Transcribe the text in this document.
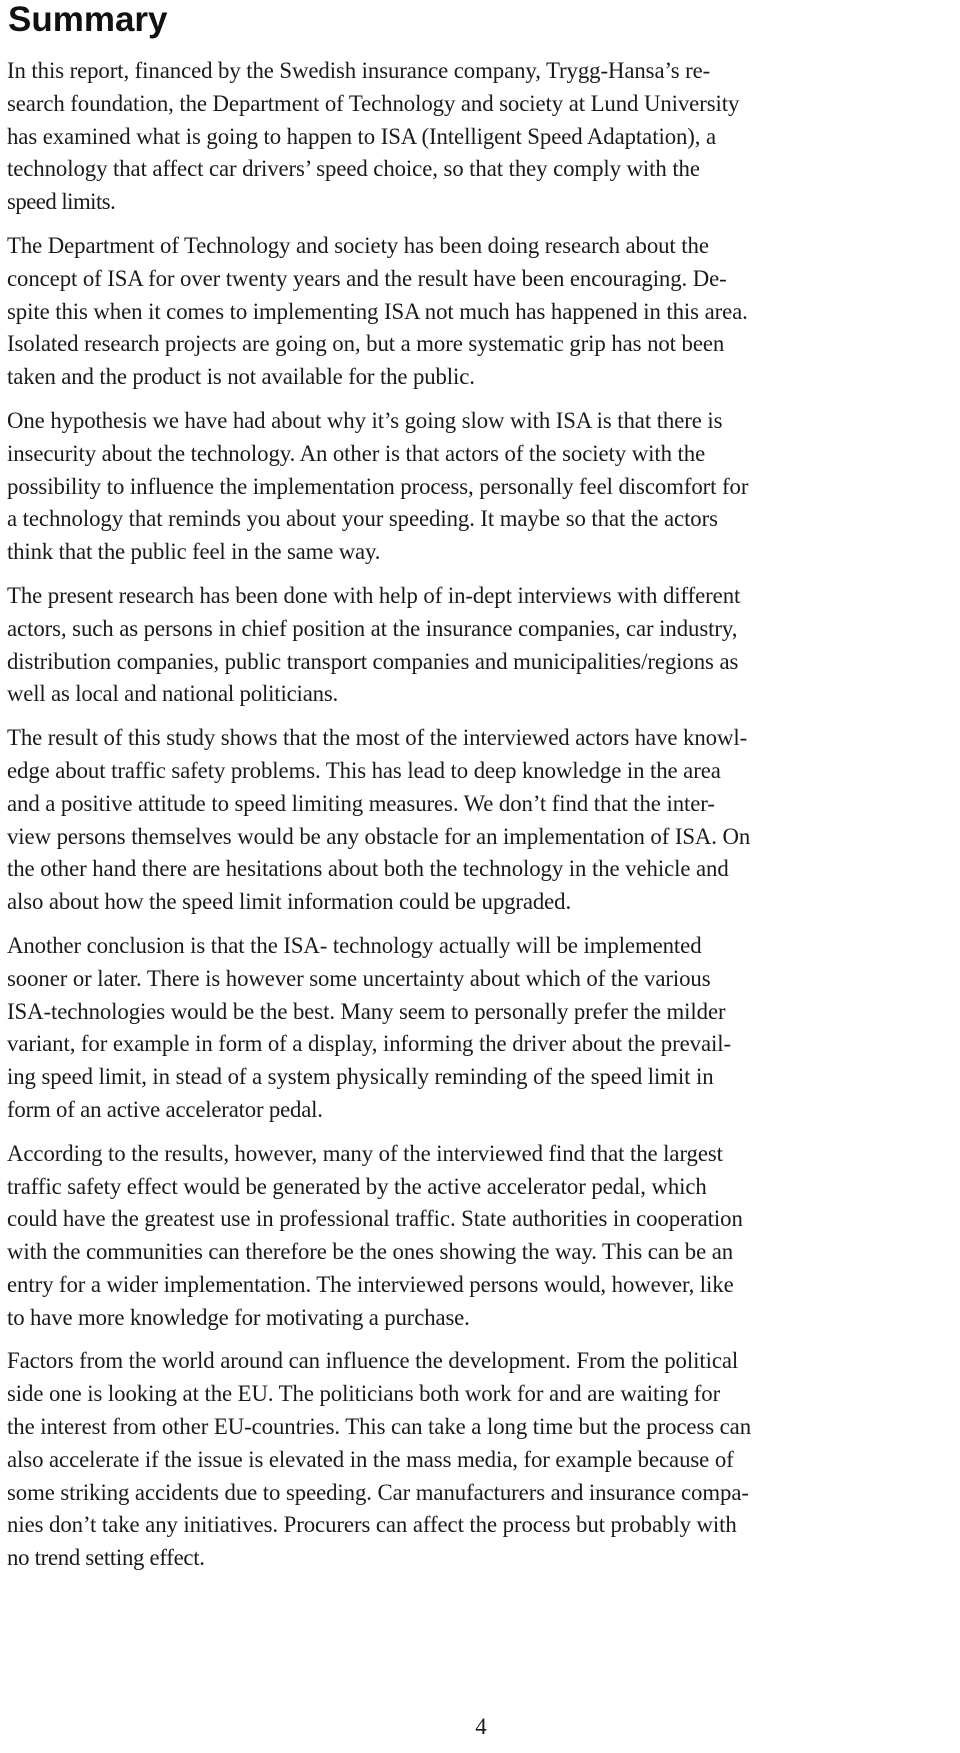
Summary

In this report, financed by the Swedish insurance company, Trygg-Hansa’s re-
search foundation, the Department of Technology and society at Lund University
has examined what is going to happen to ISA (Intelligent Speed Adaptation), a
technology that affect car drivers’ speed choice, so that they comply with the
speed limits.

The Department of Technology and society has been doing research about the
concept of ISA for over twenty years and the result have been encouraging. De-
spite this when it comes to implementing ISA not much has happened in this area.
Isolated research projects are going on, but a more systematic grip has not been
taken and the product is not available for the public.

One hypothesis we have had about why it’s going slow with ISA is that there is
insecurity about the technology. An other is that actors of the society with the
possibility to influence the implementation process, personally feel discomfort for
a technology that reminds you about your speeding. It maybe so that the actors
think that the public feel in the same way.

The present research has been done with help of in-dept interviews with different
actors, such as persons in chief position at the insurance companies, car industry,
distribution companies, public transport companies and municipalities/regions as
well as local and national politicians.

The result of this study shows that the most of the interviewed actors have knowl-
edge about traffic safety problems. This has lead to deep knowledge in the area
and a positive attitude to speed limiting measures. We don’t find that the inter-
view persons themselves would be any obstacle for an implementation of ISA. On
the other hand there are hesitations about both the technology in the vehicle and
also about how the speed limit information could be upgraded.

Another conclusion is that the ISA- technology actually will be implemented
sooner or later. There is however some uncertainty about which of the various
ISA-technologies would be the best. Many seem to personally prefer the milder
variant, for example in form of a display, informing the driver about the prevail-
ing speed limit, in stead of a system physically reminding of the speed limit in
form of an active accelerator pedal.

According to the results, however, many of the interviewed find that the largest
traffic safety effect would be generated by the active accelerator pedal, which
could have the greatest use in professional traffic. State authorities in cooperation
with the communities can therefore be the ones showing the way. This can be an
entry for a wider implementation. The interviewed persons would, however, like
to have more knowledge for motivating a purchase.

Factors from the world around can influence the development. From the political
side one is looking at the EU. The politicians both work for and are waiting for
the interest from other EU-countries. This can take a long time but the process can
also accelerate if the issue is elevated in the mass media, for example because of
some striking accidents due to speeding. Car manufacturers and insurance compa-
nies don’t take any initiatives. Procurers can affect the process but probably with
no trend setting effect.

4
